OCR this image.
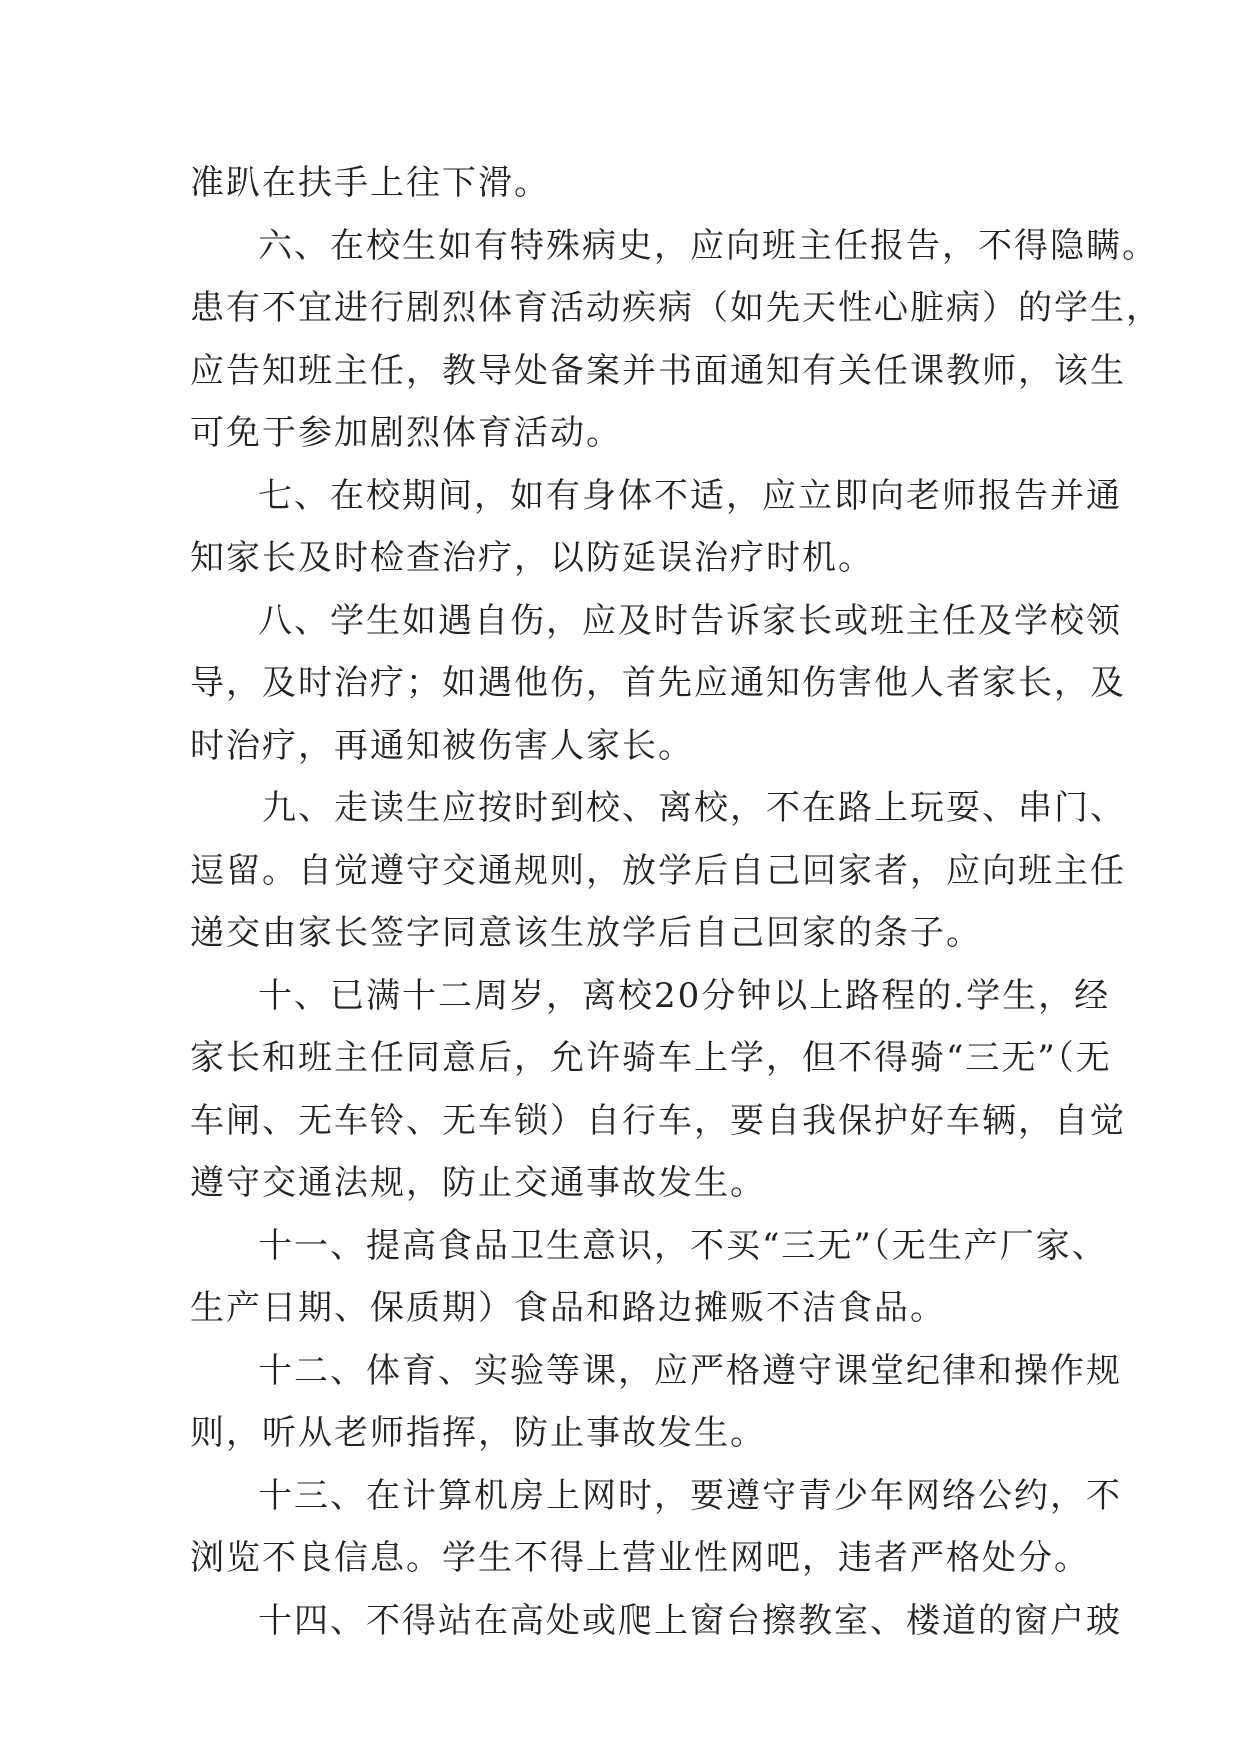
准趴在扶手上往下滑。
六、在校生如有特殊病史，应向班主任报告，不得隐瞒。
患有不宜进行剧烈体育活动疾病（如先天性心脏病）的学生，
应告知班主任，教导处备案并书面通知有关任课教师，该生
可免于参加剧烈体育活动。
七、在校期间，如有身体不适，应立即向老师报告并通
知家长及时检查治疗，以防延误治疗时机。
八、学生如遇自伤，应及时告诉家长或班主任及学校领
导，及时治疗；如遇他伤，首先应通知伤害他人者家长，及
时治疗，再通知被伤害人家长。
九、走读生应按时到校、离校，不在路上玩耍、串门、
逗留。自觉遵守交通规则，放学后自己回家者，应向班主任
递交由家长签字同意该生放学后自己回家的条子。
十、已满十二周岁，离校20分钟以上路程的.学生，经
家长和班主任同意后，允许骑车上学，但不得骑“三无”（无
车闸、无车铃、无车锁）自行车，要自我保护好车辆，自觉
遵守交通法规，防止交通事故发生。
十一、提高食品卫生意识，不买“三无”（无生产厂家、
生产日期、保质期）食品和路边摊贩不洁食品。
十二、体育、实验等课，应严格遵守课堂纪律和操作规
则，听从老师指挥，防止事故发生。
十三、在计算机房上网时，要遵守青少年网络公约，不
浏览不良信息。学生不得上营业性网吧，违者严格处分。
十四、不得站在高处或爬上窗台擦教室、楼道的窗户玻
